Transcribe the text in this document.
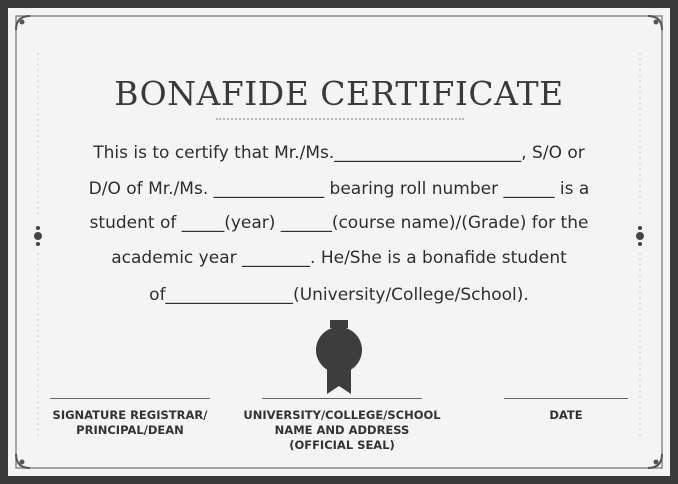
BONAFIDE CERTIFICATE
This is to certify that Mr./Ms.______________________, S/O or
D/O of Mr./Ms. _____________ bearing roll number ______ is a
student of _____(year) ______(course name)/(Grade) for the
academic year ________. He/She is a bonafide student
of_______________(University/College/School).
SIGNATURE REGISTRAR/
PRINCIPAL/DEAN
UNIVERSITY/COLLEGE/SCHOOL
NAME AND ADDRESS
(OFFICIAL SEAL)
DATE
